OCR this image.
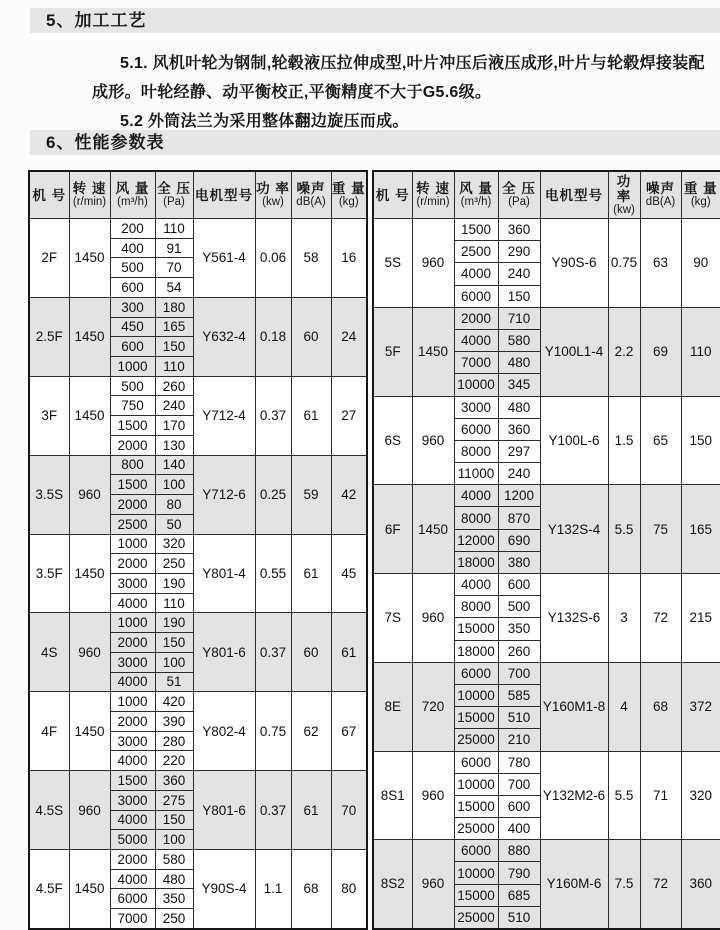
5、加工工艺

5.1. 风机叶轮为钢制,轮毂液压拉伸成型,叶片冲压后液压成形,叶片与轮毂焊接装配成形。叶轮经静、动平衡校正,平衡精度不大于G5.6级。

5.2 外筒法兰为采用整体翻边旋压而成。

6、性能参数表
机 号	转 速
(r/min)

风 量
(m³/h)

全 压
(Pa)	电机型号	功 率
(kw)

噪声
dB(A)

重 量
(kg)

2F	1450	200	110	Y561-4	0.06	58	16
		400	91				
		500	70				
		600	54				
2.5F	1450	300	180	Y632-4	0.18	60	24
		450	165				
		600	150				
		1000	110				
3F	1450	500	260	Y712-4	0.37	61	27
		750	240				
		1500	170				
		2000	130				
3.5S	960	800	140	Y712-6	0.25	59	42
		1500	100				
		2000	80				
		2500	50				
3.5F	1450	1000	320	Y801-4	0.55	61	45
		2000	250				
		3000	190				
		4000	110				
4S	960	1000	190	Y801-6	0.37	60	61
		2000	150				
		3000	100				
		4000	51				
4F	1450	1000	420	Y802-4	0.75	62	67
		2000	390				
		3000	280				
		4000	220				
4.5S	960	1500	360	Y801-6	0.37	61	70
		3000	275				
		4000	150				
		5000	100				
4.5F	1450	2000	580	Y90S-4	1.1	68	80
		4000	480				
		6000	350				
		7000	250				
机 号	转 速
(r/min)

风 量
(m³/h)

全 压
(Pa)	电机型号

功 率
(kw)

噪声
dB(A)

重 量
(kg)

5S	960	1500	360	Y90S-6	0.75	63	90
		2500	290				
		4000	240				
		6000	150				
5F	1450	2000	710	Y100L1-4	2.2	69	110
		4000	580				
		7000	480				
		10000	345				
6S	960	3000	480	Y100L-6	1.5	65	150
		6000	360				
		8000	297				
		11000	240				
6F	1450	4000	1200	Y132S-4	5.5	75	165
		8000	870				
		12000	690				
		18000	380				
7S	960	4000	600	Y132S-6	3	72	215
		8000	500				
		15000	350				
		18000	260				
8E	720	6000	700	Y160M1-8	4	68	372
		10000	585				
		15000	510				
		25000	210				
8S1	960	6000	780	Y132M2-6	5.5	71	320
		10000	700				
		15000	600				
		25000	400				
8S2	960	6000	880	Y160M-6	7.5	72	360
		10000	790				
		15000	685				
		25000	510				
